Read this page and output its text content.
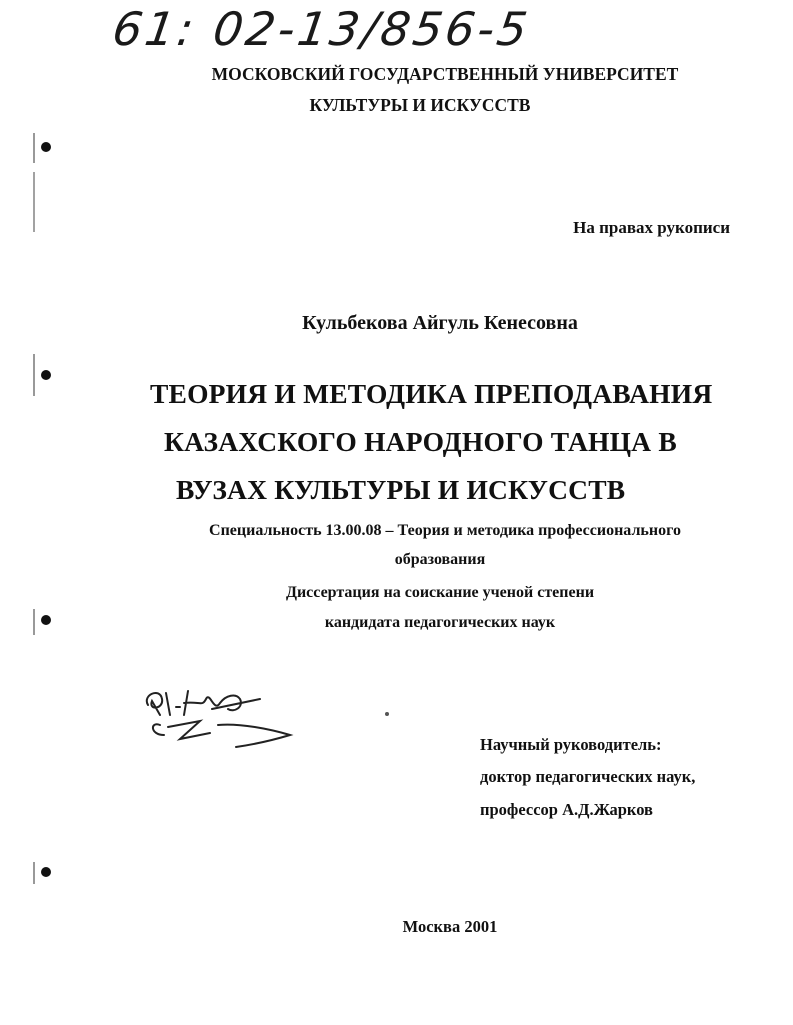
61: 02-13/856-5
МОСКОВСКИЙ ГОСУДАРСТВЕННЫЙ УНИВЕРСИТЕТ
КУЛЬТУРЫ И ИСКУССТВ
На правах рукописи
Кульбекова Айгуль Кенесовна
ТЕОРИЯ И МЕТОДИКА ПРЕПОДАВАНИЯ
КАЗАХСКОГО НАРОДНОГО ТАНЦА В
ВУЗАХ КУЛЬТУРЫ И ИСКУССТВ
Специальность 13.00.08 – Теория и методика профессионального
образования
Диссертация на соискание ученой степени
кандидата педагогических наук
Научный руководитель:
доктор педагогических наук,
профессор А.Д.Жарков
Москва 2001
